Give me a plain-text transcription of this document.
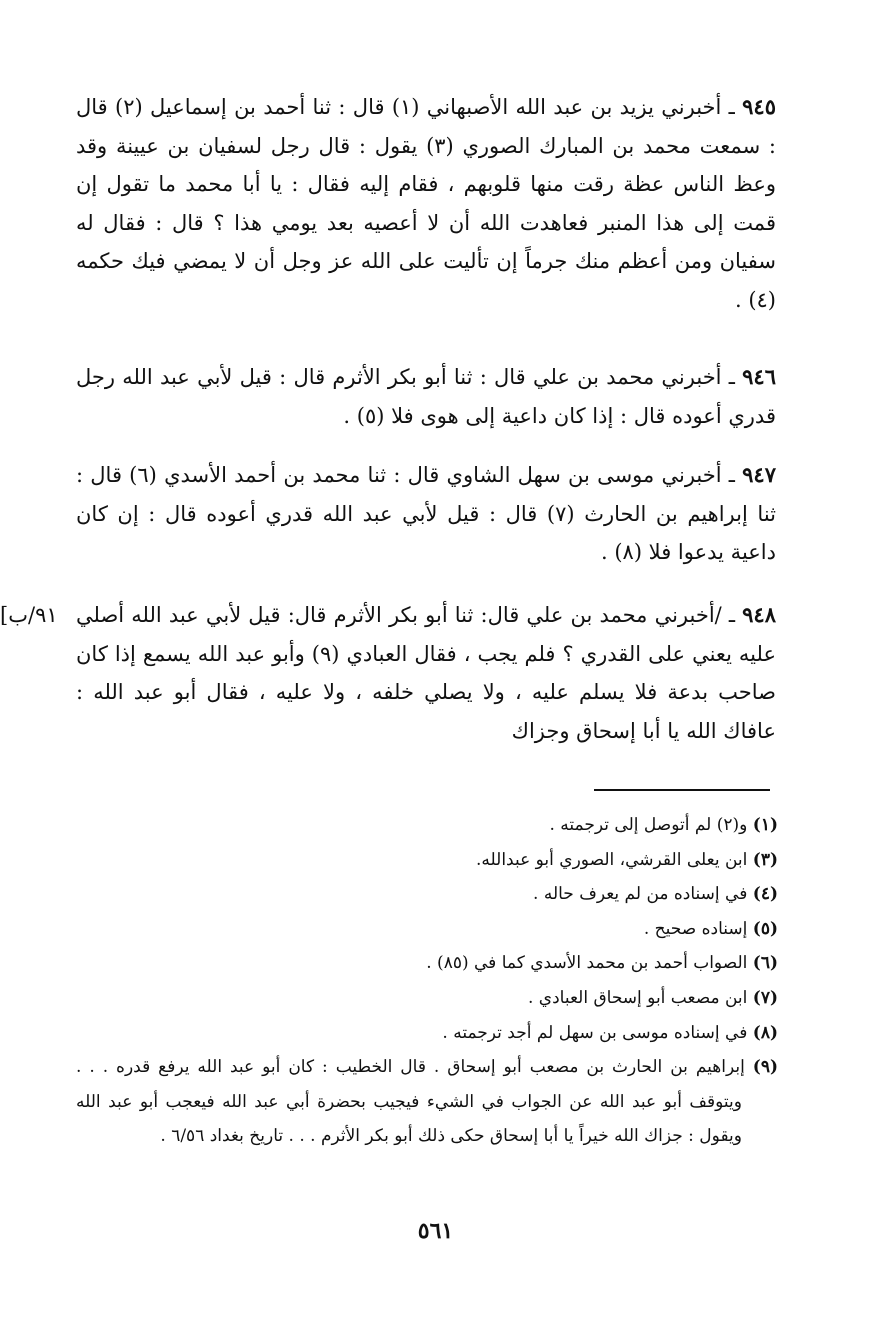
٩٤٥ ـ أخبرني يزيد بن عبد الله الأصبهاني (١) قال : ثنا أحمد بن إسماعيل (٢) قال : سمعت محمد بن المبارك الصوري (٣) يقول : قال رجل لسفيان بن عيينة وقد وعظ الناس عظة رقت منها قلوبهم ، فقام إليه فقال : يا أبا محمد ما تقول إن قمت إلى هذا المنبر فعاهدت الله أن لا أعصيه بعد يومي هذا ؟ قال : فقال له سفيان ومن أعظم منك جرماً إن تأليت على الله عز وجل أن لا يمضي فيك حكمه (٤) .
٩٤٦ ـ أخبرني محمد بن علي قال : ثنا أبو بكر الأثرم قال : قيل لأبي عبد الله رجل قدري أعوده قال : إذا كان داعية إلى هوى فلا (٥) .
٩٤٧ ـ أخبرني موسى بن سهل الشاوي قال : ثنا محمد بن أحمد الأسدي (٦) قال : ثنا إبراهيم بن الحارث (٧) قال : قيل لأبي عبد الله قدري أعوده قال : إن كان داعية يدعوا فلا (٨) .
٩٤٨ ـ /أخبرني محمد بن علي قال: ثنا أبو بكر الأثرم قال: قيل لأبي عبد الله أصلي عليه يعني على القدري ؟ فلم يجب ، فقال العبادي (٩) وأبو عبد الله يسمع إذا كان صاحب بدعة فلا يسلم عليه ، ولا يصلي خلفه ، ولا عليه ، فقال أبو عبد الله : عافاك الله يا أبا إسحاق وجزاك
[٩١/ب

(١) و(٢) لم أتوصل إلى ترجمته .

(٣) ابن يعلى القرشي، الصوري أبو عبدالله.

(٤) في إسناده من لم يعرف حاله .

(٥) إسناده صحيح .

(٦) الصواب أحمد بن محمد الأسدي كما في (٨٥) .

(٧) ابن مصعب أبو إسحاق العبادي .

(٨) في إسناده موسى بن سهل لم أجد ترجمته .

(٩) إبراهيم بن الحارث بن مصعب أبو إسحاق . قال الخطيب : كان أبو عبد الله يرفع قدره . . . ويتوقف أبو عبد الله عن الجواب في الشيء فيجيب بحضرة أبي عبد الله فيعجب أبو عبد الله ويقول : جزاك الله خيراً يا أبا إسحاق حكى ذلك أبو بكر الأثرم . . . تاريخ بغداد ٦/٥٦ .

٥٦١
